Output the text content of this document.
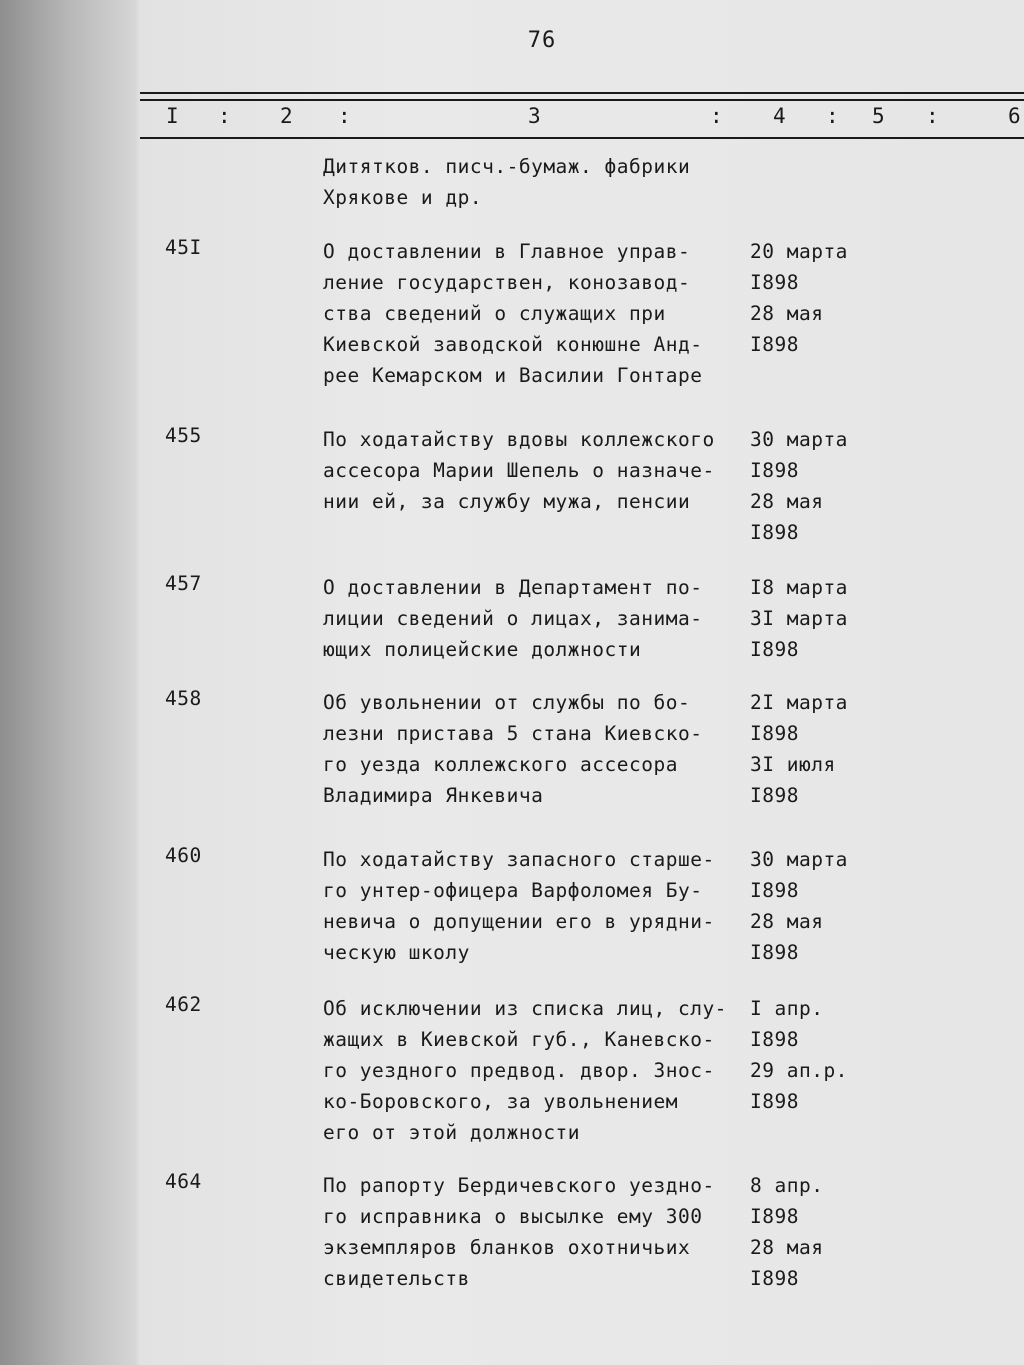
76
I : 2 :	3	: 4 : 5 :	6
Дитятков. писч.-бумаж. фабрики
Хрякове и др.
45I	О доставлении в Главное управ-
ление государствен, конозавод-
ства сведений о служащих при
Киевской заводской конюшне Анд-
рее Кемарском и Василии Гонтаре
20 марта
I898
28 мая
I898
455	По ходатайству вдовы коллежского
ассесора Марии Шепель о назначе-
нии ей, за службу мужа, пенсии
30 марта
I898
28 мая
I898
457	О доставлении в Департамент по-
лиции сведений о лицах, занима-
ющих полицейские должности
I8 марта
3I марта
I898
458	Об увольнении от службы по бо-
лезни пристава 5 стана Киевско-
го уезда коллежского ассесора
Владимира Янкевича
2I марта
I898
3I июля
I898
460	По ходатайству запасного старше-
го унтер-офицера Варфоломея Бу-
невича о допущении его в урядни-
ческую школу
30 марта
I898
28 мая
I898
462	Об исключении из списка лиц, слу-
жащих в Киевской губ., Каневско-
го уездного предвод. двор. Знос-
ко-Боровского, за увольнением
его от этой должности
I апр.
I898
29 ап.р.
I898
464	По рапорту Бердичевского уездно-
го исправника о высылке ему 300
экземпляров бланков охотничьих
свидетельств
8 апр.
I898
28 мая
I898
